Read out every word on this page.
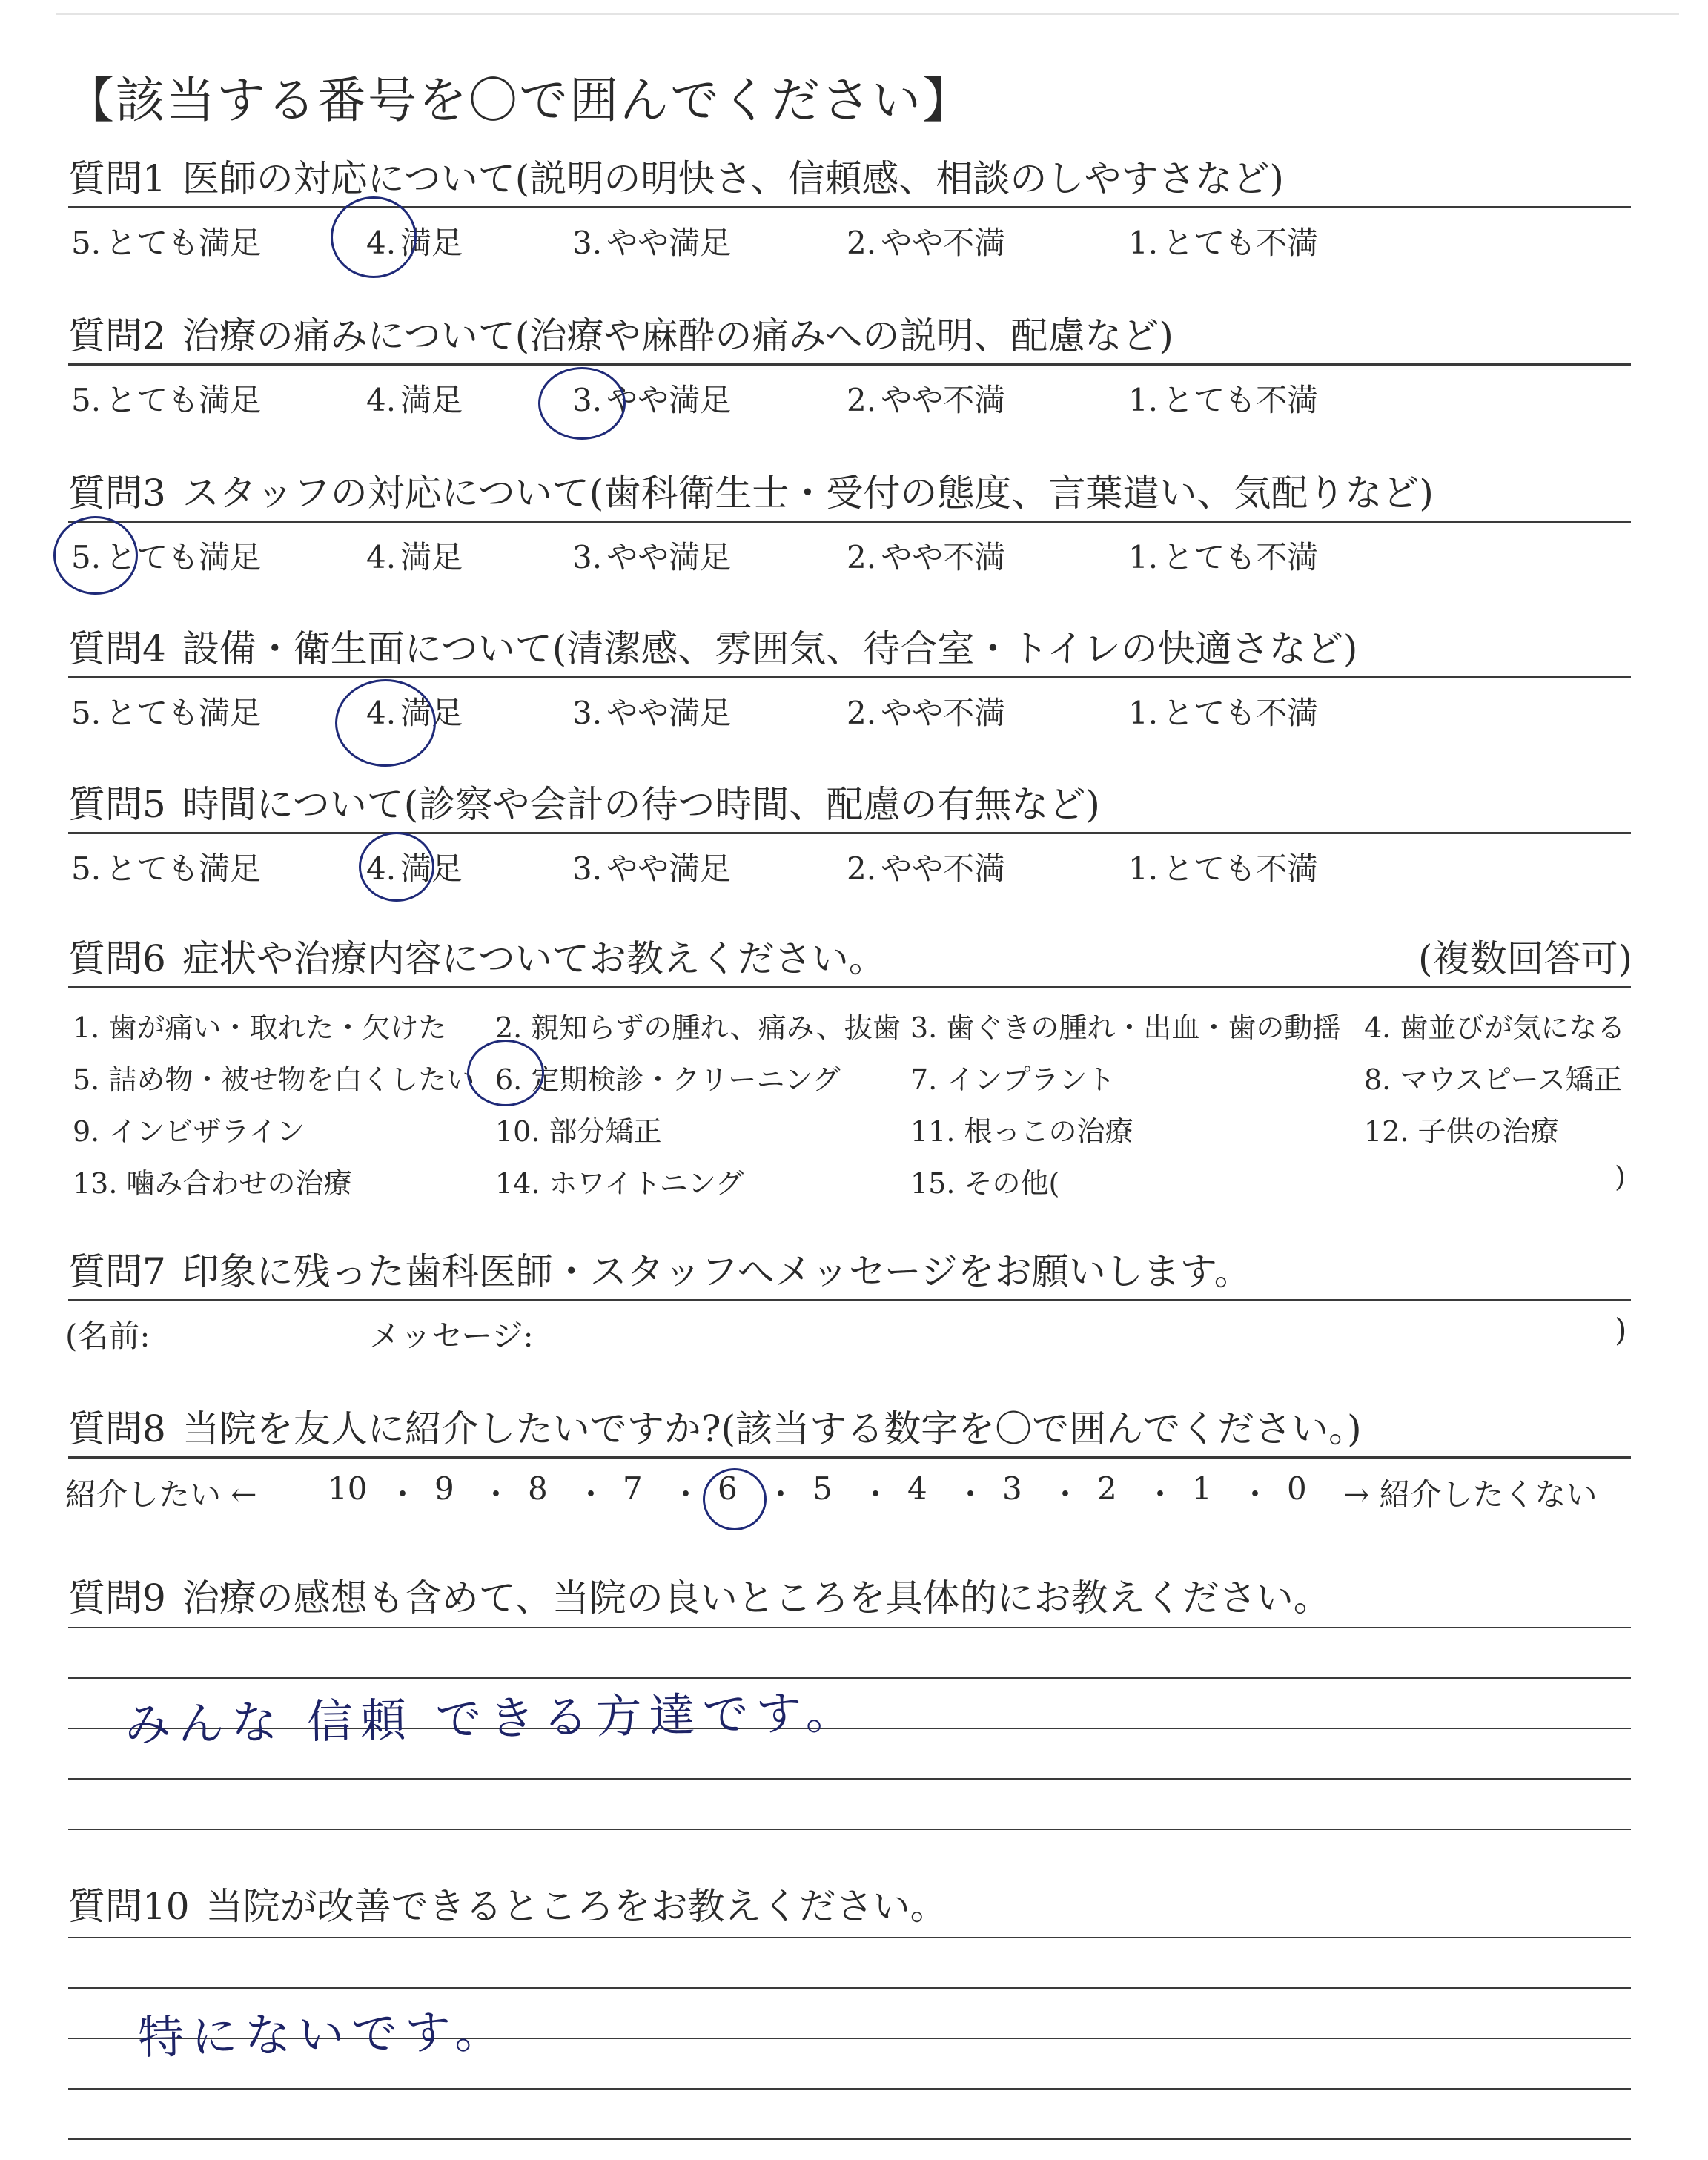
【該当する番号を〇で囲んでください】
質問1 医師の対応について(説明の明快さ、信頼感、相談のしやすさなど)
5. とても満足	4. 満足	3. やや満足	2. やや不満	1. とても不満
質問2 治療の痛みについて(治療や麻酔の痛みへの説明、配慮など)
5. とても満足	4. 満足	3. やや満足	2. やや不満	1. とても不満
質問3 スタッフの対応について(歯科衛生士・受付の態度、言葉遣い、気配りなど)
5. とても満足	4. 満足	3. やや満足	2. やや不満	1. とても不満
質問4 設備・衛生面について(清潔感、雰囲気、待合室・トイレの快適さなど)
5. とても満足	4. 満足	3. やや満足	2. やや不満	1. とても不満
質問5 時間について(診察や会計の待つ時間、配慮の有無など)
5. とても満足	4. 満足	3. やや満足	2. やや不満	1. とても不満
質問6 症状や治療内容についてお教えください。	(複数回答可)
1. 歯が痛い・取れた・欠けた 2. 親知らずの腫れ、痛み、抜歯 3. 歯ぐきの腫れ・出血・歯の動揺 4. 歯並びが気になる
5. 詰め物・被せ物を白くしたい 6. 定期検診・クリーニング 7. インプラント	8. マウスピース矯正
9. インビザライン	10. 部分矯正	11. 根っこの治療	12. 子供の治療
13. 噛み合わせの治療	14. ホワイトニング	15. その他(	)
質問7 印象に残った歯科医師・スタッフへメッセージをお願いします。
(名前:	メッセージ:	)
質問8 当院を友人に紹介したいですか?(該当する数字を〇で囲んでください。)
紹介したい ← 10 ・ 9 ・ 8 ・ 7 ・ 6 ・ 5 ・ 4 ・ 3 ・ 2 ・ 1 ・ 0 → 紹介したくない
質問9 治療の感想も含めて、当院の良いところを具体的にお教えください。
みんな 信頼 できる方達です。
質問10 当院が改善できるところをお教えください。
特にないです。
